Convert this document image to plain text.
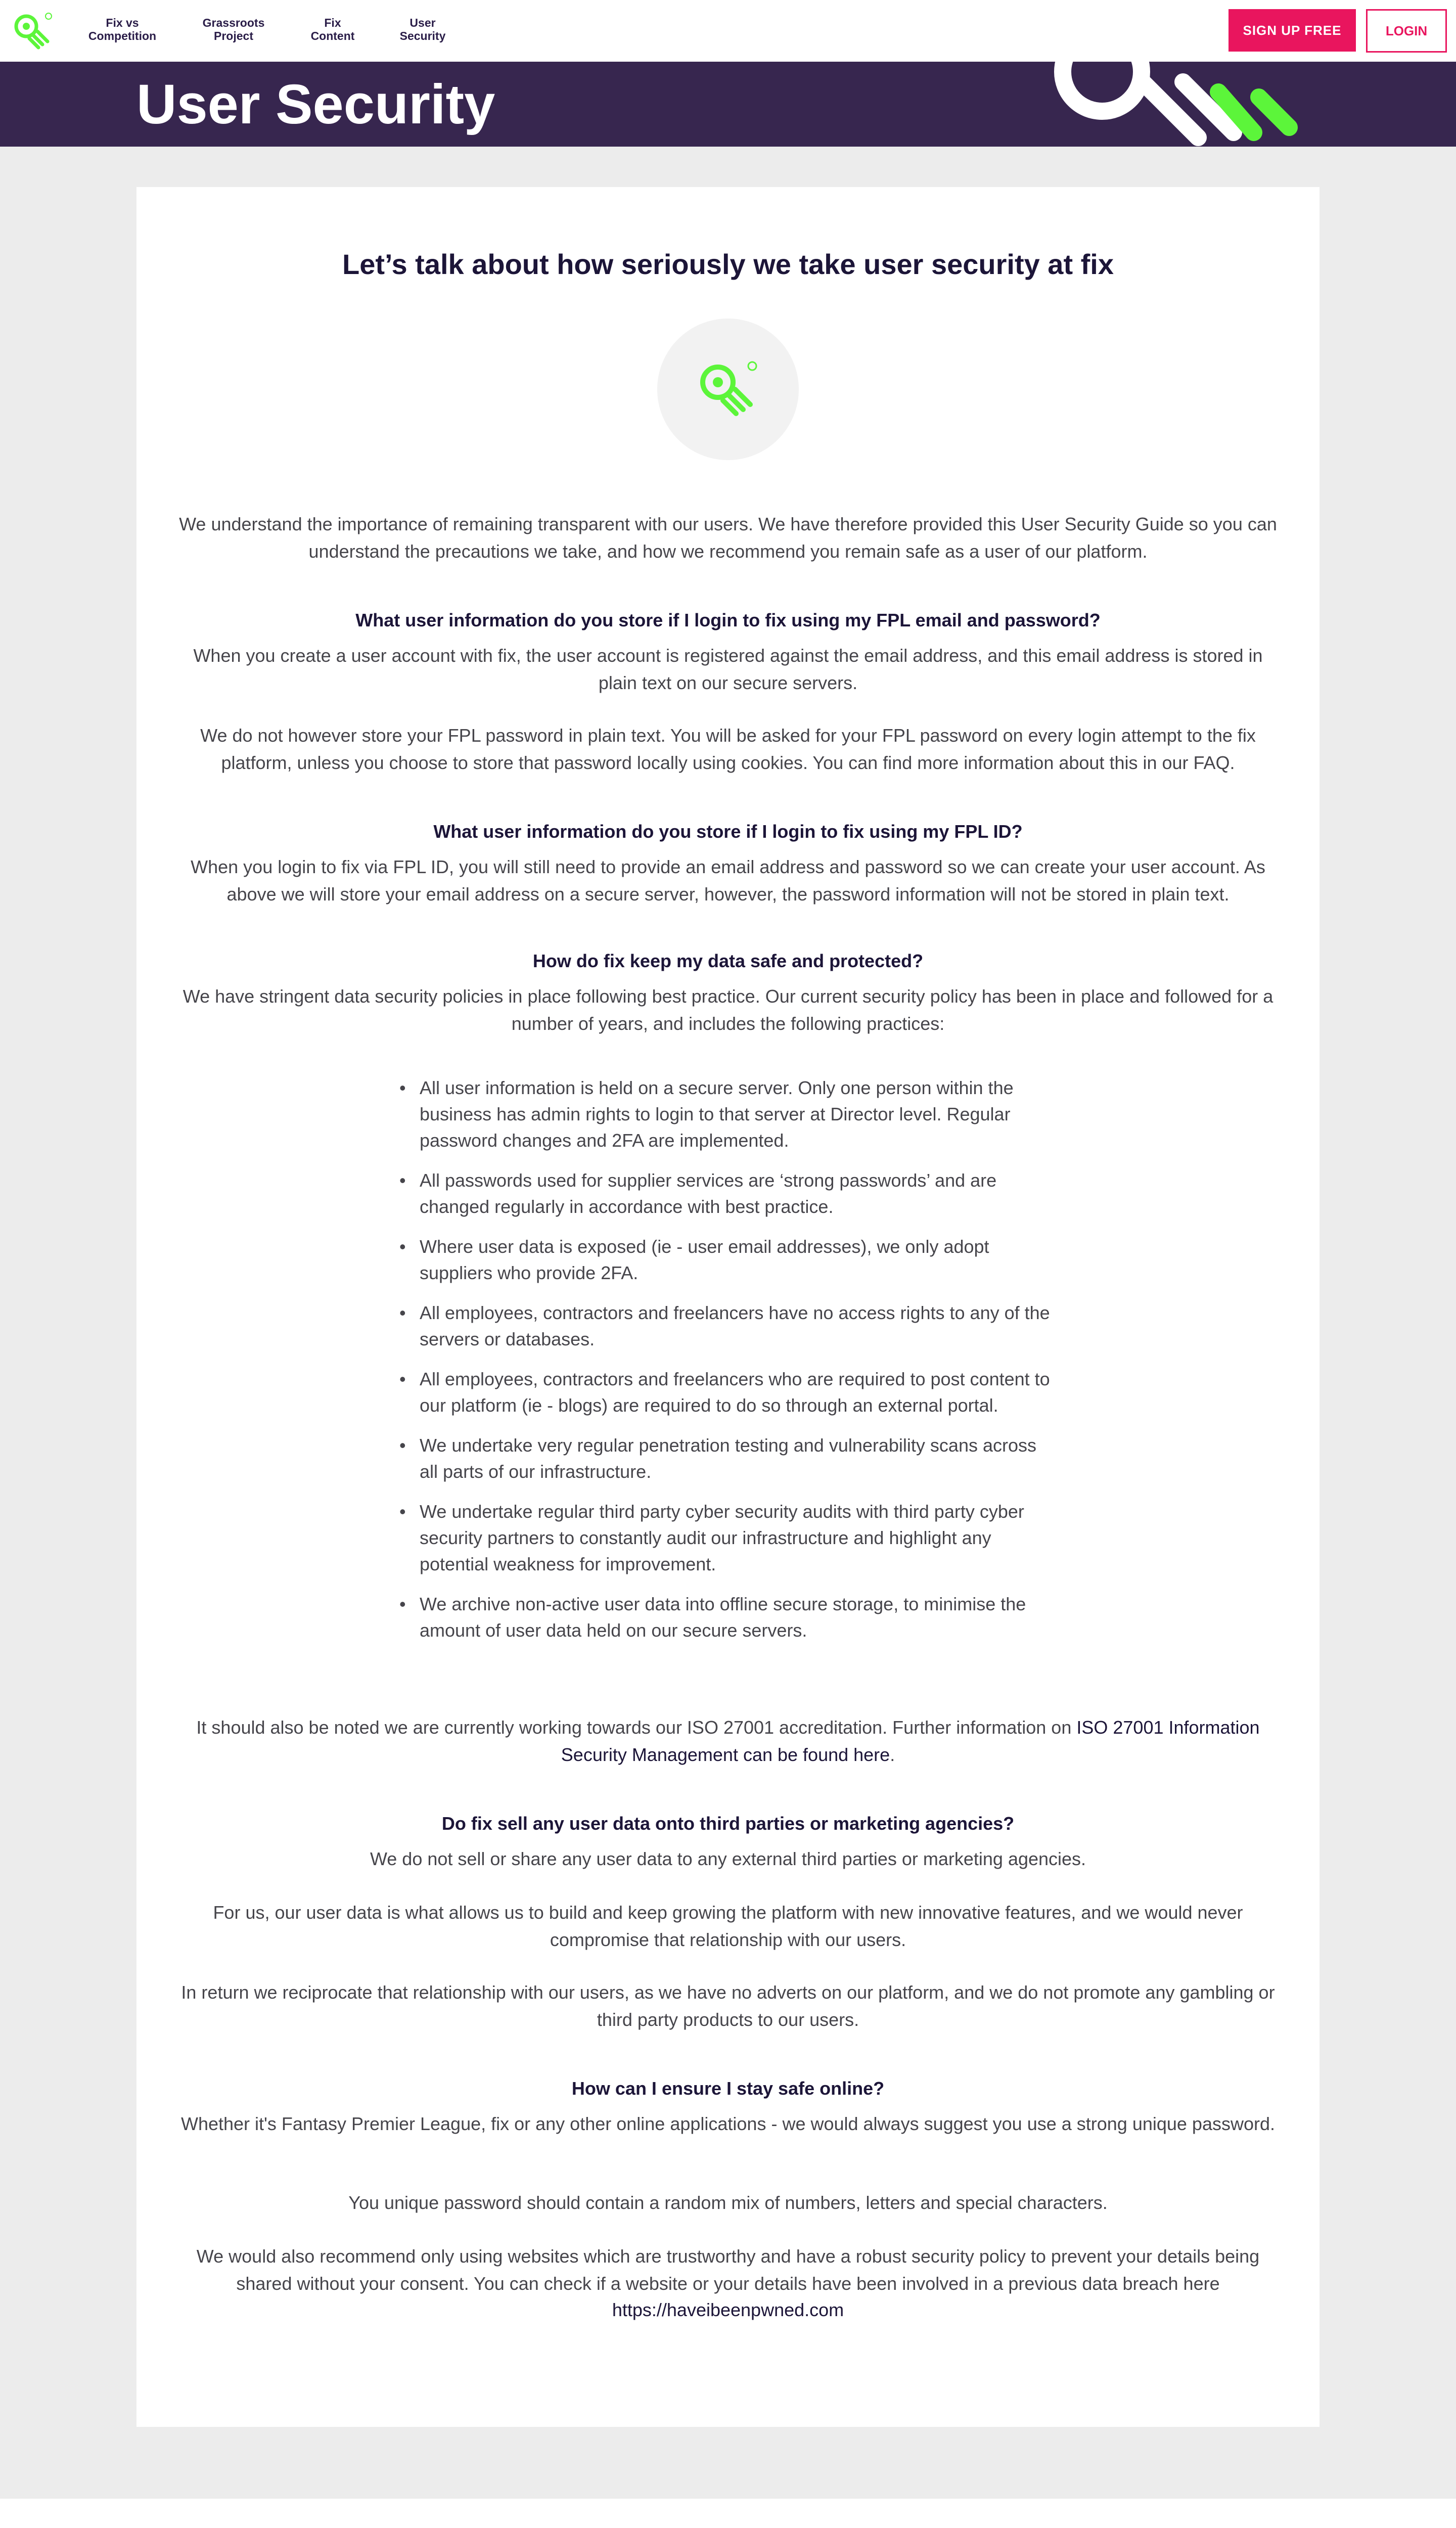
Fix vs
Competition
Grassroots
Project
Fix
Content
User
Security	SIGN UP FREE	LOGIN
User Security
Let’s talk about how seriously we take user security at fix
We understand the importance of remaining transparent with our users. We have therefore provided this User Security Guide so you can understand the precautions we take, and how we recommend you remain safe as a user of our platform.
What user information do you store if I login to fix using my FPL email and password?
When you create a user account with fix, the user account is registered against the email address, and this email address is stored in plain text on our secure servers.
We do not however store your FPL password in plain text. You will be asked for your FPL password on every login attempt to the fix platform, unless you choose to store that password locally using cookies. You can find more information about this in our FAQ.
What user information do you store if I login to fix using my FPL ID?
When you login to fix via FPL ID, you will still need to provide an email address and password so we can create your user account. As above we will store your email address on a secure server, however, the password information will not be stored in plain text.
How do fix keep my data safe and protected?
We have stringent data security policies in place following best practice. Our current security policy has been in place and followed for a number of years, and includes the following practices:
• All user information is held on a secure server. Only one person within the business has admin rights to login to that server at Director level. Regular password changes and 2FA are implemented.
• All passwords used for supplier services are ‘strong passwords’ and are changed regularly in accordance with best practice.
• Where user data is exposed (ie - user email addresses), we only adopt suppliers who provide 2FA.
• All employees, contractors and freelancers have no access rights to any of the servers or databases.
• All employees, contractors and freelancers who are required to post content to our platform (ie - blogs) are required to do so through an external portal.
• We undertake very regular penetration testing and vulnerability scans across all parts of our infrastructure.
• We undertake regular third party cyber security audits with third party cyber security partners to constantly audit our infrastructure and highlight any potential weakness for improvement.
• We archive non-active user data into offline secure storage, to minimise the amount of user data held on our secure servers.
It should also be noted we are currently working towards our ISO 27001 accreditation. Further information on ISO 27001 Information Security Management can be found here.
Do fix sell any user data onto third parties or marketing agencies?
We do not sell or share any user data to any external third parties or marketing agencies.
For us, our user data is what allows us to build and keep growing the platform with new innovative features, and we would never compromise that relationship with our users.
In return we reciprocate that relationship with our users, as we have no adverts on our platform, and we do not promote any gambling or third party products to our users.
How can I ensure I stay safe online?
Whether it's Fantasy Premier League, fix or any other online applications - we would always suggest you use a strong unique password.
You unique password should contain a random mix of numbers, letters and special characters.
We would also recommend only using websites which are trustworthy and have a robust security policy to prevent your details being shared without your consent. You can check if a website or your details have been involved in a previous data breach here
https://haveibeenpwned.com
